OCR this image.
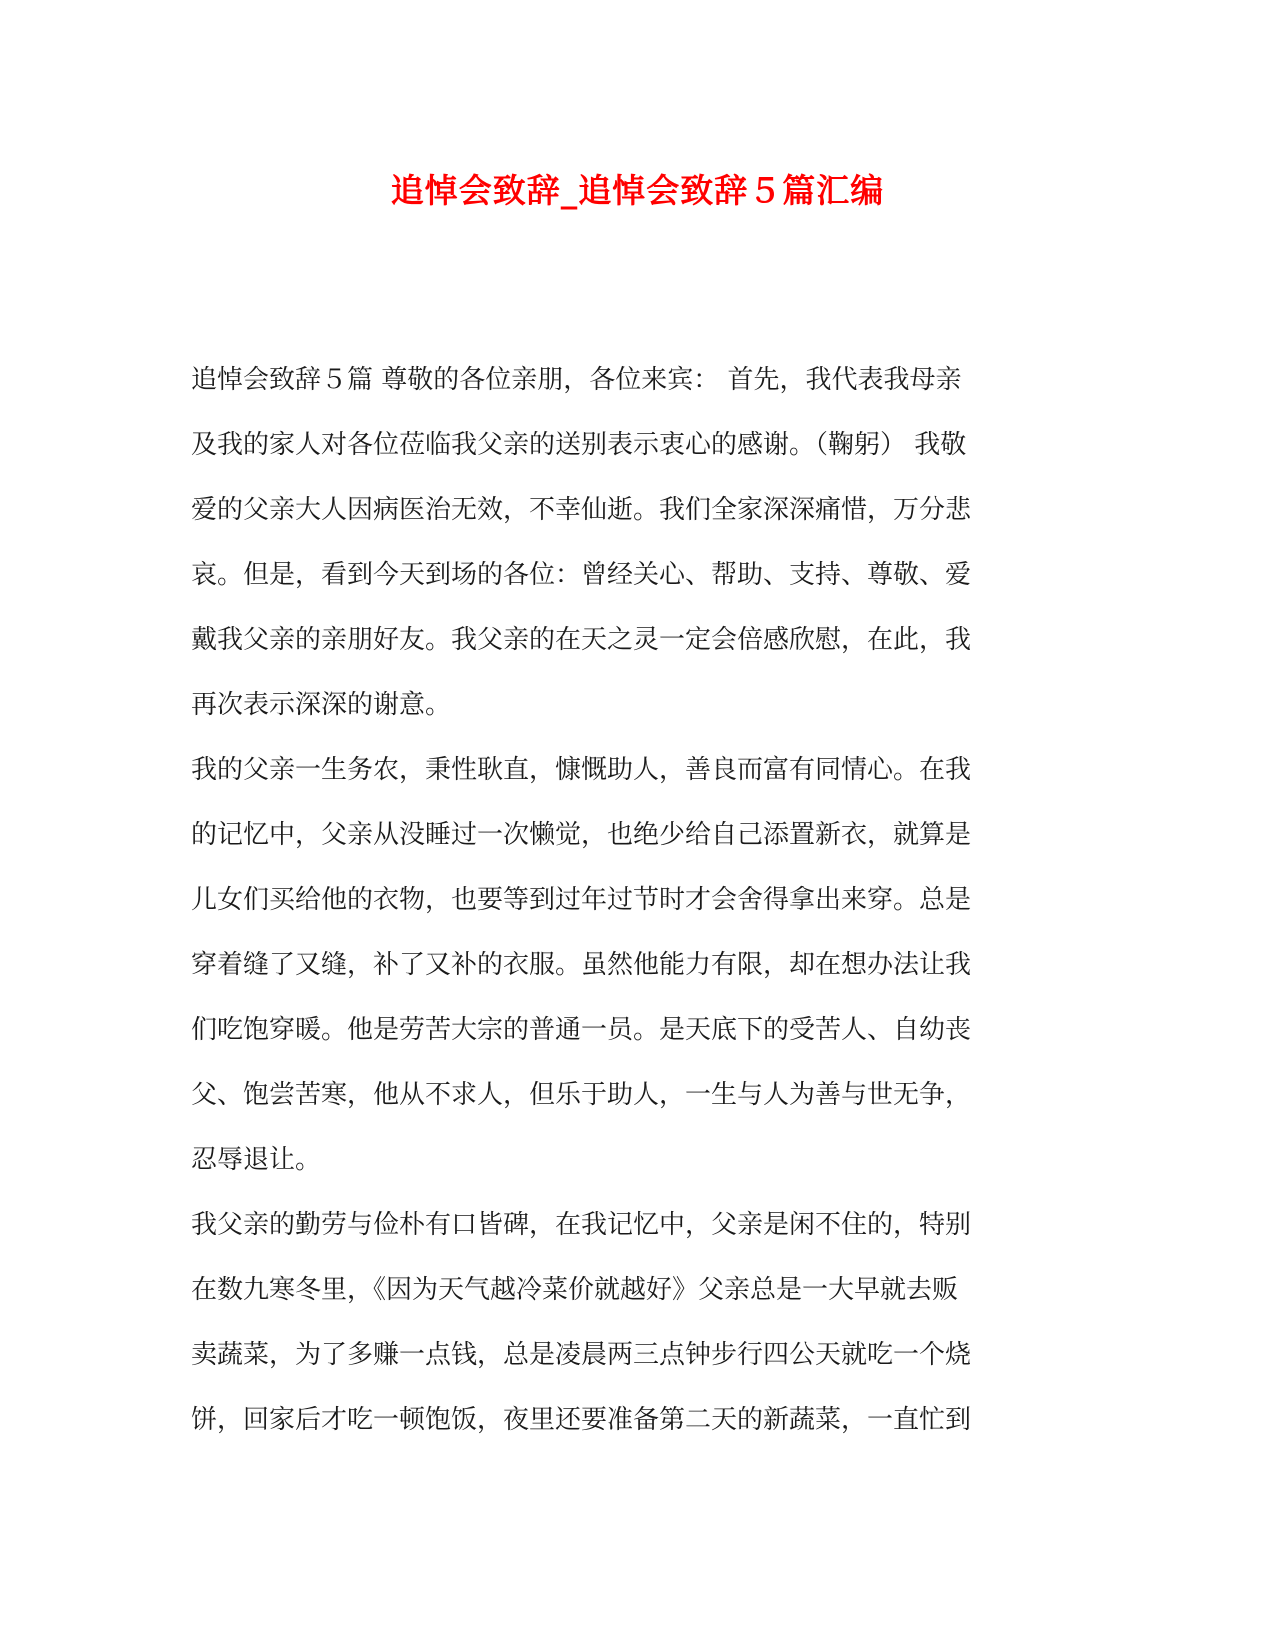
追悼会致辞_追悼会致辞５篇汇编
追悼会致辞５篇 尊敬的各位亲朋，各位来宾： 首先，我代表我母亲
及我的家人对各位莅临我父亲的送别表示衷心的感谢。（鞠躬） 我敬
爱的父亲大人因病医治无效，不幸仙逝。我们全家深深痛惜，万分悲
哀。但是，看到今天到场的各位：曾经关心、帮助、支持、尊敬、爱
戴我父亲的亲朋好友。我父亲的在天之灵一定会倍感欣慰，在此，我
再次表示深深的谢意。
我的父亲一生务农，秉性耿直，慷慨助人，善良而富有同情心。在我
的记忆中，父亲从没睡过一次懒觉，也绝少给自己添置新衣，就算是
儿女们买给他的衣物，也要等到过年过节时才会舍得拿出来穿。总是
穿着缝了又缝，补了又补的衣服。虽然他能力有限，却在想办法让我
们吃饱穿暖。他是劳苦大宗的普通一员。是天底下的受苦人、自幼丧
父、饱尝苦寒，他从不求人，但乐于助人，一生与人为善与世无争，
忍辱退让。
我父亲的勤劳与俭朴有口皆碑，在我记忆中，父亲是闲不住的，特别
在数九寒冬里，《因为天气越冷菜价就越好》父亲总是一大早就去贩
卖蔬菜，为了多赚一点钱，总是凌晨两三点钟步行四公天就吃一个烧
饼，回家后才吃一顿饱饭，夜里还要准备第二天的新蔬菜，一直忙到
